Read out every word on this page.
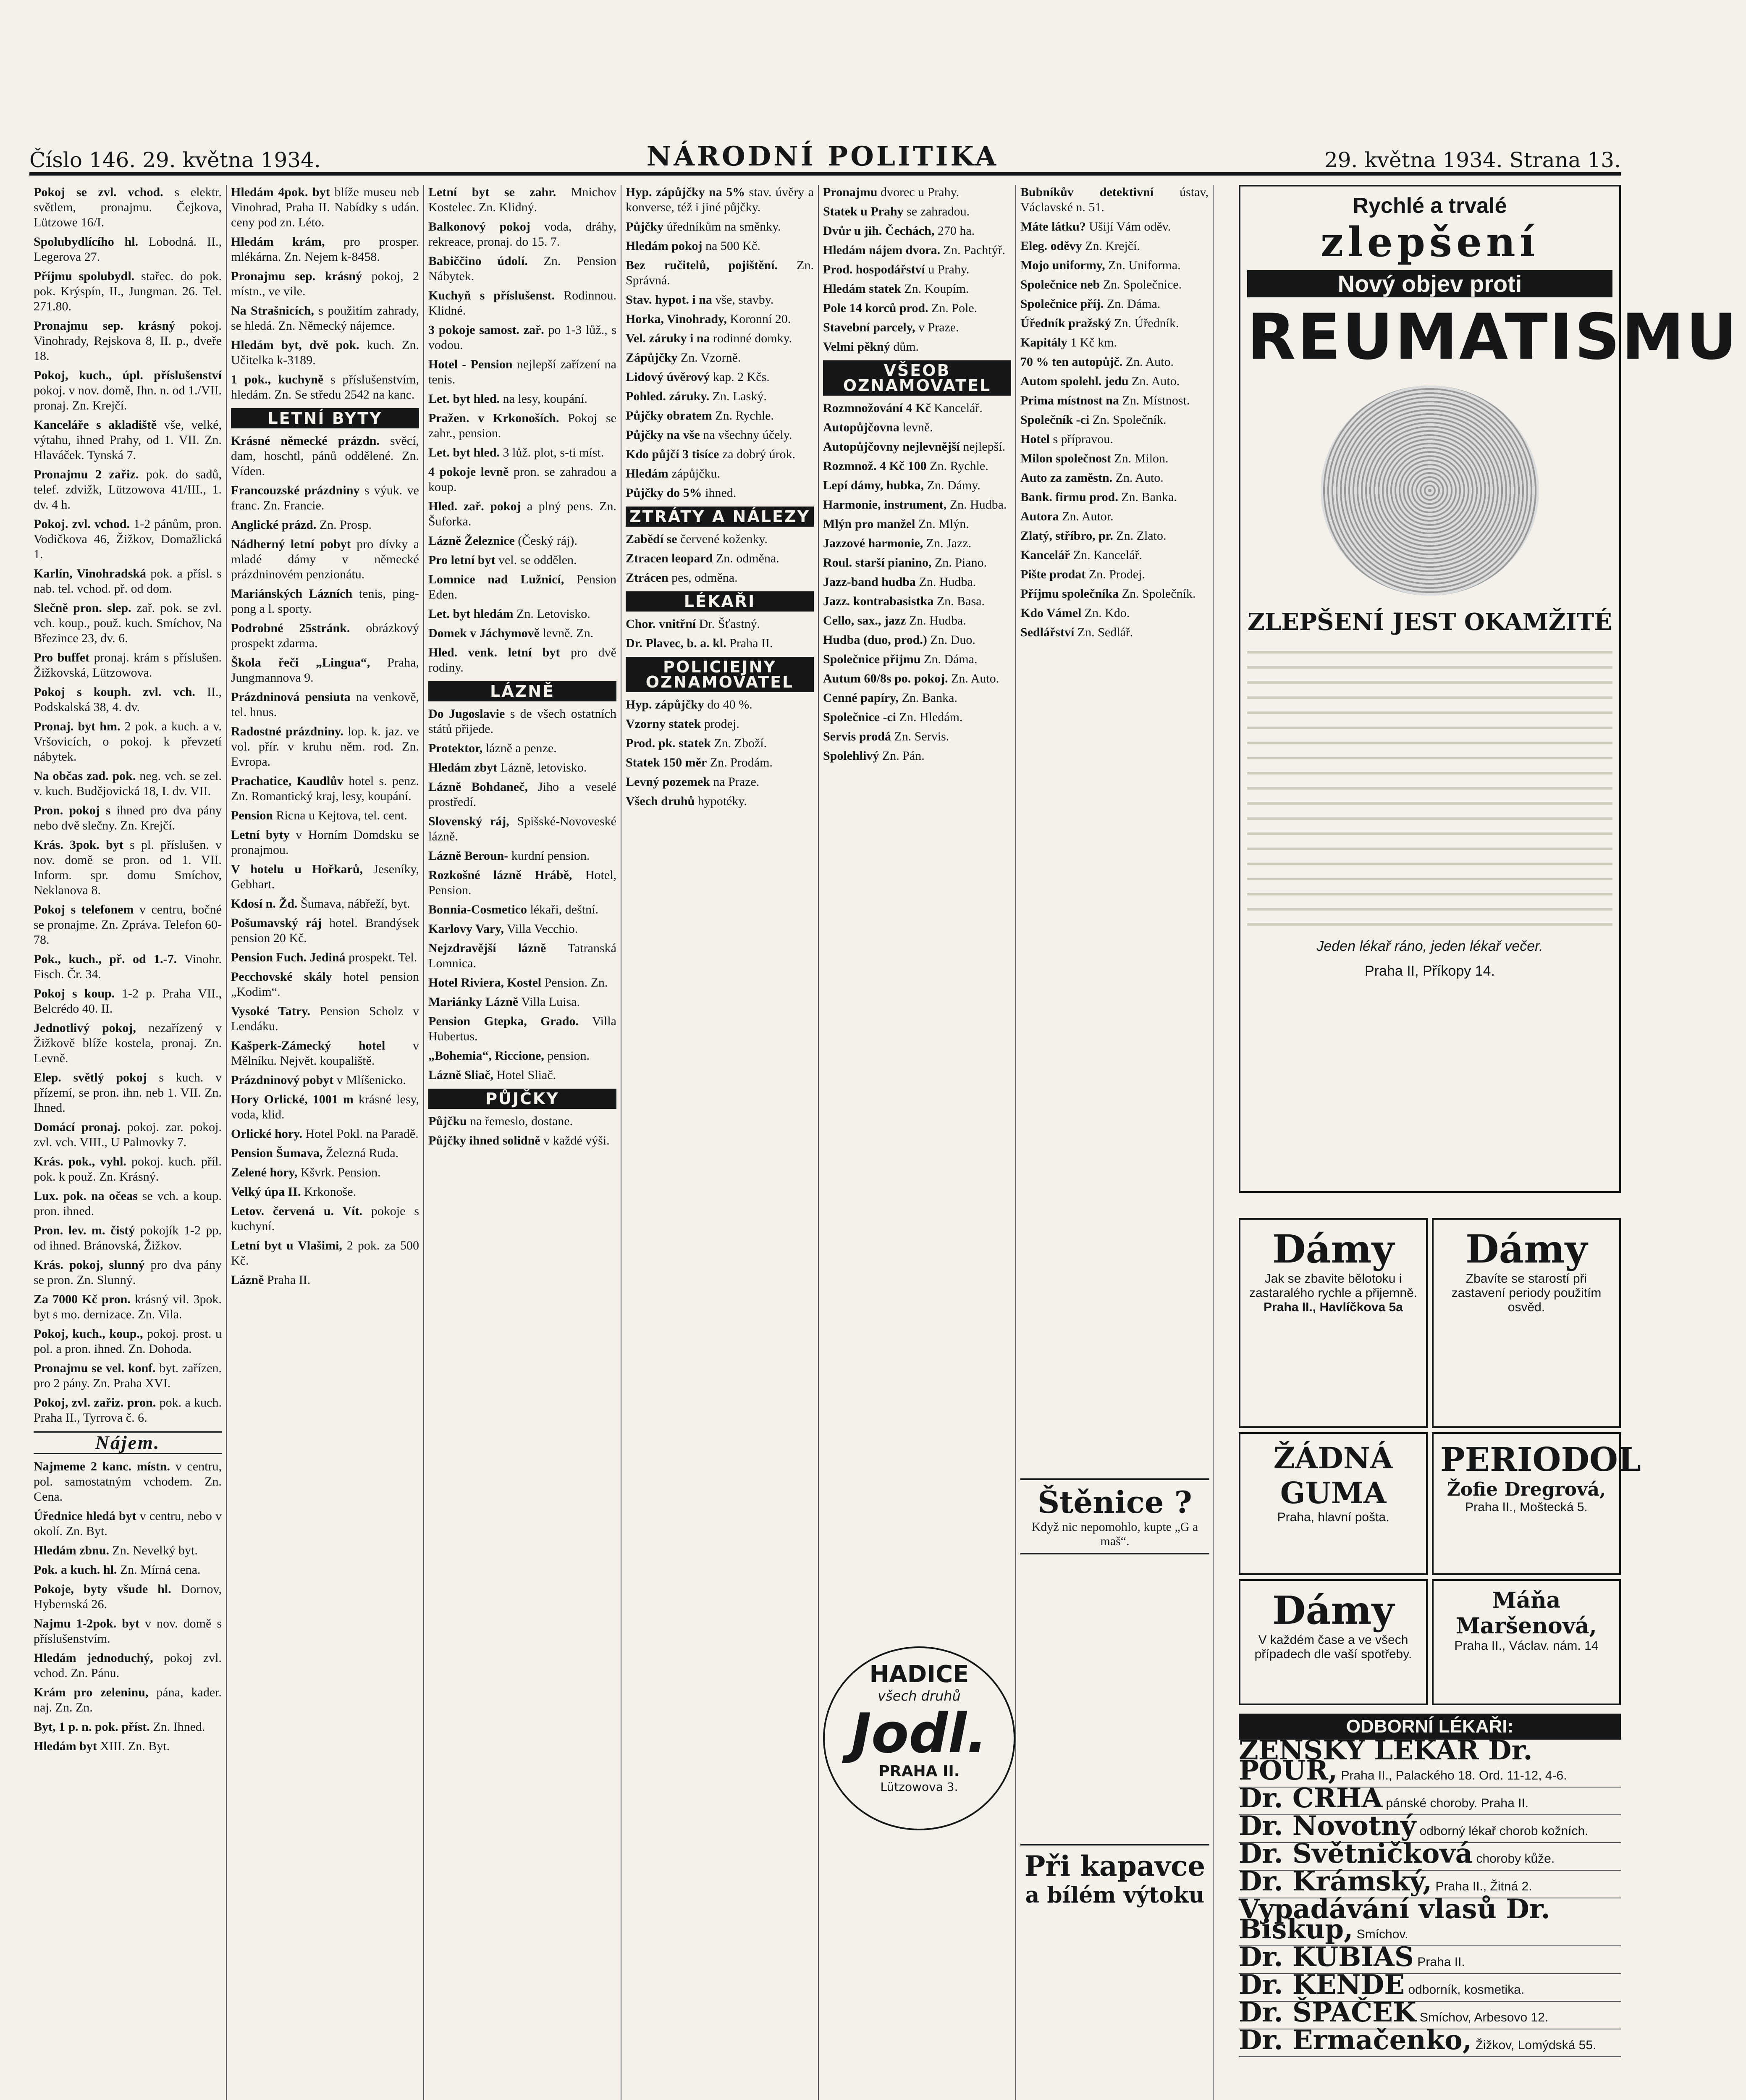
Číslo 146. 29. května 1934.	NÁRODNÍ POLITIKA	29. května 1934. Strana 13.

Pokoj se zvl. vchod. s elektr. světlem, pronajmu. Čejkova, Lützowe 16/I.

Spolubydlícího hl. Lobodná. II., Legerova 27.

Příjmu spolubydl. stařec. do pok. pok. Krýspín, II., Jungman. 26. Tel. 271.80.

Pronajmu sep. krásný pokoj. Vinohrady, Rejskova 8, II. p., dveře 18.

Pokoj, kuch., úpl. příslušenství pokoj. v nov. domě, Ihn. n. od 1./VII. pronaj. Zn. Krejčí.

Kanceláře s akladiště vše, velké, výtahu, ihned Prahy, od 1. VII. Zn. Hlaváček. Tynská 7.

Pronajmu 2 zařiz. pok. do sadů, telef. zdvižk, Lützowova 41/III., 1. dv. 4 h.

Pokoj. zvl. vchod. 1-2 pánům, pron. Vodičkova 46, Žižkov, Domažlická 1.

Karlín, Vinohradská pok. a přísl. s nab. tel. vchod. př. od dom.

Slečně pron. slep. zař. pok. se zvl. vch. koup., použ. kuch. Smíchov, Na Březince 23, dv. 6.

Pro buffet pronaj. krám s příslušen. Žižkovská, Lützowova.

Pokoj s kouph. zvl. vch. II., Podskalská 38, 4. dv.

Pronaj. byt hm. 2 pok. a kuch. a v. Vršovicích, o pokoj. k převzetí nábytek.

Na občas zad. pok. neg. vch. se zel. v. kuch. Budějovická 18, I. dv. VII.

Pron. pokoj s ihned pro dva pány nebo dvě slečny. Zn. Krejčí.

Krás. 3pok. byt s pl. příslušen. v nov. domě se pron. od 1. VII. Inform. spr. domu Smíchov, Neklanova 8.

Pokoj s telefonem v centru, bočné se pronajme. Zn. Zpráva. Telefon 60-78.

Pok., kuch., př. od 1.-7. Vinohr. Fisch. Čr. 34.

Pokoj s koup. 1-2 p. Praha VII., Belcrédo 40. II.

Jednotlivý pokoj, nezařízený v Žižkově blíže kostela, pronaj. Zn. Levně.

Elep. světlý pokoj s kuch. v přízemí, se pron. ihn. neb 1. VII. Zn. Ihned.

Domácí pronaj. pokoj. zar. pokoj. zvl. vch. VIII., U Palmovky 7.

Krás. pok., vyhl. pokoj. kuch. příl. pok. k použ. Zn. Krásný.

Lux. pok. na očeas se vch. a koup. pron. ihned.

Pron. lev. m. čistý pokojík 1-2 pp. od ihned. Bránovská, Žižkov.

Krás. pokoj, slunný pro dva pány se pron. Zn. Slunný.

Za 7000 Kč pron. krásný vil. 3pok. byt s mo. dernizace. Zn. Vila.

Pokoj, kuch., koup., pokoj. prost. u pol. a pron. ihned. Zn. Dohoda.

Pronajmu se vel. konf. byt. zařízen. pro 2 pány. Zn. Praha XVI.

Pokoj, zvl. zařiz. pron. pok. a kuch. Praha II., Tyrrova č. 6.

Nájem.

Najmeme 2 kanc. místn. v centru, pol. samostatným vchodem. Zn. Cena.

Úřednice hledá byt v centru, nebo v okolí. Zn. Byt.

Hledám zbnu. Zn. Nevelký byt.

Pok. a kuch. hl. Zn. Mírná cena.

Pokoje, byty všude hl. Dornov, Hybernská 26.

Najmu 1-2pok. byt v nov. domě s příslušenstvím.

Hledám jednoduchý, pokoj zvl. vchod. Zn. Pánu.

Krám pro zeleninu, pána, kader. naj. Zn. Zn.

Byt, 1 p. n. pok. příst. Zn. Ihned.

Hledám byt XIII. Zn. Byt.

Hledám 4pok. byt blíže museu neb Vinohrad, Praha II. Nabídky s udán. ceny pod zn. Léto.

Hledám krám, pro prosper. mlékárna. Zn. Nejem k-8458.

Pronajmu sep. krásný pokoj, 2 místn., ve vile.

Na Strašnicích, s použitím zahrady, se hledá. Zn. Německý nájemce.

Hledám byt, dvě pok. kuch. Zn. Učitelka k-3189.

1 pok., kuchyně s příslušenstvím, hledám. Zn. Se středu 2542 na kanc.

LETNÍ BYTY

Krásné německé prázdn. svěcí, dam, hoschtl, pánů oddělené. Zn. Víden.

Francouzské prázdniny s výuk. ve franc. Zn. Francie.

Anglické prázd. Zn. Prosp.

Nádherný letní pobyt pro dívky a mladé dámy v německé prázdninovém penzionátu.

Mariánských Lázních tenis, ping-pong a l. sporty.

Podrobné 25stránk. obrázkový prospekt zdarma.

Škola řeči „Lingua“, Praha, Jungmannova 9.

Prázdninová pensiuta na venkově, tel. hnus.

Radostné prázdniny. lop. k. jaz. ve vol. přír. v kruhu něm. rod. Zn. Evropa.

Prachatice, Kaudlův hotel s. penz. Zn. Romantický kraj, lesy, koupání.

Pension Ricna u Kejtova, tel. cent.

Letní byty v Horním Domdsku se pronajmou.

V hotelu u Hořkarů, Jeseníky, Gebhart.

Kdosí n. Žd. Šumava, nábřeží, byt.

Pošumavský ráj hotel. Brandýsek pension 20 Kč.

Pension Fuch. Jediná prospekt. Tel.

Pecchovské skály hotel pension „Kodim“.

Vysoké Tatry. Pension Scholz v Lendáku.

Kašperk-Zámecký hotel v Mělníku. Největ. koupaliště.

Prázdninový pobyt v Mlíšenicko.

Hory Orlické, 1001 m krásné lesy, voda, klid.

Orlické hory. Hotel Pokl. na Paradě.

Pension Šumava, Železná Ruda.

Zelené hory, Kšvrk. Pension.

Velký úpa II. Krkonoše.

Letov. červená u. Vít. pokoje s kuchyní.

Letní byt u Vlašimi, 2 pok. za 500 Kč.

Lázně Praha II.

Letní byt se zahr. Mnichov Kostelec. Zn. Klidný.

Balkonový pokoj voda, dráhy, rekreace, pronaj. do 15. 7.

Babiččino údolí. Zn. Pension Nábytek.

Kuchyň s příslušenst. Rodinnou. Klidné.

3 pokoje samost. zař. po 1-3 lůž., s vodou.

Hotel - Pension nejlepší zařízení na tenis.

Let. byt hled. na lesy, koupání.

Pražen. v Krkonoších. Pokoj se zahr., pension.

Let. byt hled. 3 lůž. plot, s-ti míst.

4 pokoje levně pron. se zahradou a koup.

Hled. zař. pokoj a plný pens. Zn. Šuforka.

Lázně Železnice (Český ráj).

Pro letní byt vel. se oddělen.

Lomnice nad Lužnicí, Pension Eden.

Let. byt hledám Zn. Letovisko.

Domek v Jáchymově levně. Zn.

Hled. venk. letní byt pro dvě rodiny.

LÁZNĚ

Do Jugoslavie s de všech ostatních států přijede.

Protektor, lázně a penze.

Hledám zbyt Lázně, letovisko.

Lázně Bohdaneč, Jiho a veselé prostředí.

Slovenský ráj, Spišské-Novoveské lázně.

Lázně Beroun- kurdní pension.

Rozkošné lázně Hrábě, Hotel, Pension.

Bonnia-Cosmetico lékaři, deštní.

Karlovy Vary, Villa Vecchio.

Nejzdravější lázně Tatranská Lomnica.

Hotel Riviera, Kostel Pension. Zn.

Mariánky Lázně Villa Luisa.

Pension Gtepka, Grado. Villa Hubertus.

„Bohemia“, Riccione, pension.

Lázně Sliač, Hotel Sliač.

PŮJČKY

Půjčku na řemeslo, dostane.

Půjčky ihned solidně v každé výši.

Hyp. zápůjčky na 5% stav. úvěry a konverse, též i jiné půjčky.

Půjčky úředníkům na směnky.

Hledám pokoj na 500 Kč.

Bez ručitelů, pojištění. Zn. Správná.

Stav. hypot. i na vše, stavby.

Horka, Vinohrady, Koronní 20.

Vel. záruky i na rodinné domky.

Zápůjčky Zn. Vzorně.

Lidový úvěrový kap. 2 Kčs.

Pohled. záruky. Zn. Laský.

Půjčky obratem Zn. Rychle.

Půjčky na vše na všechny účely.

Kdo půjčí 3 tisíce za dobrý úrok.

Hledám zápůjčku.

Půjčky do 5% ihned.

ZTRÁTY A NÁLEZY

Zabědí se červené koženky.

Ztracen leopard Zn. odměna.

Ztrácen pes, odměna.

LÉKAŘI

Chor. vnitřní Dr. Šťastný.

Dr. Plavec, b. a. kl. Praha II.

POLICIEJNY OZNAMOVATEL

Hyp. zápůjčky do 40 %.

Vzorny statek prodej.

Prod. pk. statek Zn. Zboží.

Statek 150 měr Zn. Prodám.

Levný pozemek na Praze.

Všech druhů hypotéky.

Pronajmu dvorec u Prahy.

Statek u Prahy se zahradou.

Dvůr u jih. Čechách, 270 ha.

Hledám nájem dvora. Zn. Pachtýř.

Prod. hospodářství u Prahy.

Hledám statek Zn. Koupím.

Pole 14 korců prod. Zn. Pole.

Stavební parcely, v Praze.

Velmi pěkný dům.

VŠEOB OZNAMOVATEL

Rozmnožování 4 Kč Kancelář.

Autopůjčovna levně.

Autopůjčovny nejlevnější nejlepší.

Rozmnož. 4 Kč 100 Zn. Rychle.

Lepí dámy, hubka, Zn. Dámy.

Harmonie, instrument, Zn. Hudba.

Mlýn pro manžel Zn. Mlýn.

Jazzové harmonie, Zn. Jazz.

Roul. starší pianino, Zn. Piano.

Jazz-band hudba Zn. Hudba.

Jazz. kontrabasistka Zn. Basa.

Cello, sax., jazz Zn. Hudba.

Hudba (duo, prod.) Zn. Duo.

Společnice přijmu Zn. Dáma.

Autum 60/8s po. pokoj. Zn. Auto.

Cenné papíry, Zn. Banka.

Společnice -ci Zn. Hledám.

Servis prodá Zn. Servis.

Spolehlivý Zn. Pán.

Bubníkův detektivní ústav, Václavské n. 51.

Máte látku? Ušijí Vám oděv.

Eleg. oděvy Zn. Krejčí.

Mojo uniformy, Zn. Uniforma.

Společnice neb Zn. Společnice.

Společnice příj. Zn. Dáma.

Úředník pražský Zn. Úředník.

Kapitály 1 Kč km.

70 % ten autopůjč. Zn. Auto.

Autom spolehl. jedu Zn. Auto.

Prima místnost na Zn. Místnost.

Společník -ci Zn. Společník.

Hotel s přípravou.

Milon společnost Zn. Milon.

Auto za zaměstn. Zn. Auto.

Bank. firmu prod. Zn. Banka.

Autora Zn. Autor.

Zlatý, stříbro, pr. Zn. Zlato.

Kancelář Zn. Kancelář.

Pište prodat Zn. Prodej.

Příjmu společníka Zn. Společník.

Kdo Vámel Zn. Kdo.

Sedlářství Zn. Sedlář.

HADICE
všech druhů
Jodl.
PRAHA II.
Lützowova 3.
Štěnice ?
Když nic nepomohlo, kupte „G a maš“.
Při kapavce
a bílém výtoku
Rychlé a trvalé
zlepšení
Nový objev proti
REUMATISMU
ZLEPŠENÍ JEST OKAMŽITÉ
Jeden lékař ráno, jeden lékař večer.
Praha II, Příkopy 14.
Dámy
Jak se zbavite bělotoku i zastaralého rychle a přijemně.
Praha II., Havlíčkova 5a
Dámy
Zbavíte se starostí při zastavení periody použitím osvěd.
ŽÁDNÁ GUMA
Praha, hlavní pošta.
PERIODOL
Žofie Dregrová,
Praha II., Moštecká 5.
Dámy
V každém čase a ve všech případech dle vaší spotřeby.
Máňa Maršenová,
Praha II., Václav. nám. 14
ODBORNÍ LÉKAŘI:
ŽENSKÝ LÉKAŘ Dr. POUR, Praha II., Palackého 18. Ord. 11-12, 4-6.
Dr. CRHA pánské choroby. Praha II.
Dr. Novotný odborný lékař chorob kožních.
Dr. Světničková choroby kůže.
Dr. Krámský, Praha II., Žitná 2.
Vypadávání vlasů Dr. Biskup, Smíchov.
Dr. KUBIAS Praha II.
Dr. KENDE odborník, kosmetika.
Dr. ŠPAČEK Smíchov, Arbesovo 12.
Dr. Ermačenko, Žižkov, Lomýdská 55.
